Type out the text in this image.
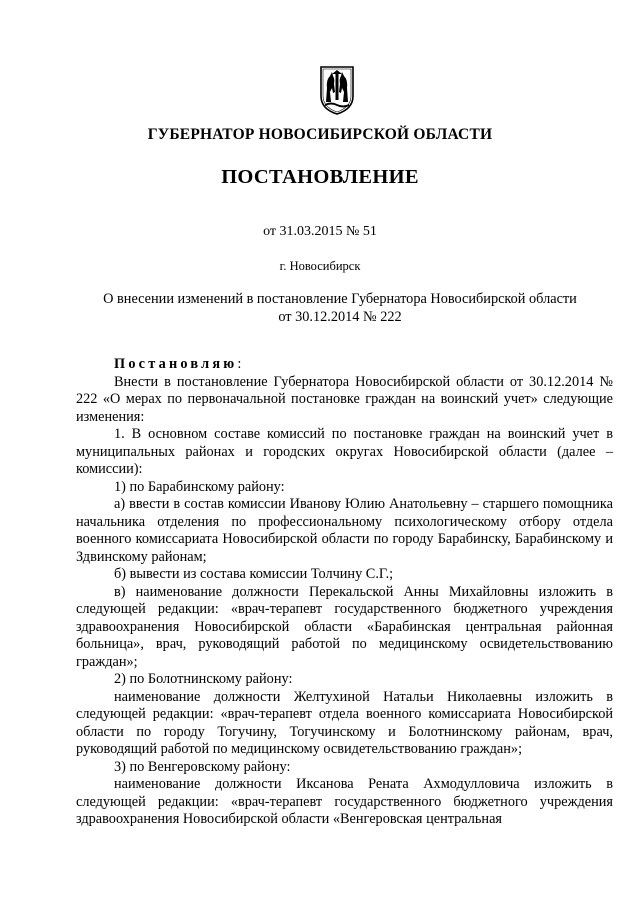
ГУБЕРНАТОР НОВОСИБИРСКОЙ ОБЛАСТИ
ПОСТАНОВЛЕНИЕ
от 31.03.2015 № 51
г. Новосибирск
О внесении изменений в постановление Губернатора Новосибирской области
от 30.12.2014 № 222

Постановляю:

Внести в постановление Губернатора Новосибирской области от 30.12.2014 № 222 «О мерах по первоначальной постановке граждан на воинский учет» следующие изменения:

1. В основном составе комиссий по постановке граждан на воинский учет в муниципальных районах и городских округах Новосибирской области (далее – комиссии):

1) по Барабинскому району:

а) ввести в состав комиссии Иванову Юлию Анатольевну – старшего помощника начальника отделения по профессиональному психологическому отбору отдела военного комиссариата Новосибирской области по городу Барабинску, Барабинскому и Здвинскому районам;

б) вывести из состава комиссии Толчину С.Г.;

в) наименование должности Перекальской Анны Михайловны изложить в следующей редакции: «врач-терапевт государственного бюджетного учреждения здравоохранения Новосибирской области «Барабинская центральная районная больница», врач, руководящий работой по медицинскому освидетельствованию граждан»;

2) по Болотнинскому району:

наименование должности Желтухиной Натальи Николаевны изложить в следующей редакции: «врач-терапевт отдела военного комиссариата Новосибирской области по городу Тогучину, Тогучинскому и Болотнинскому районам, врач, руководящий работой по медицинскому освидетельствованию граждан»;

3) по Венгеровскому району:

наименование должности Иксанова Рената Ахмодулловича изложить в следующей редакции: «врач-терапевт государственного бюджетного учреждения здравоохранения Новосибирской области «Венгеровская центральная
